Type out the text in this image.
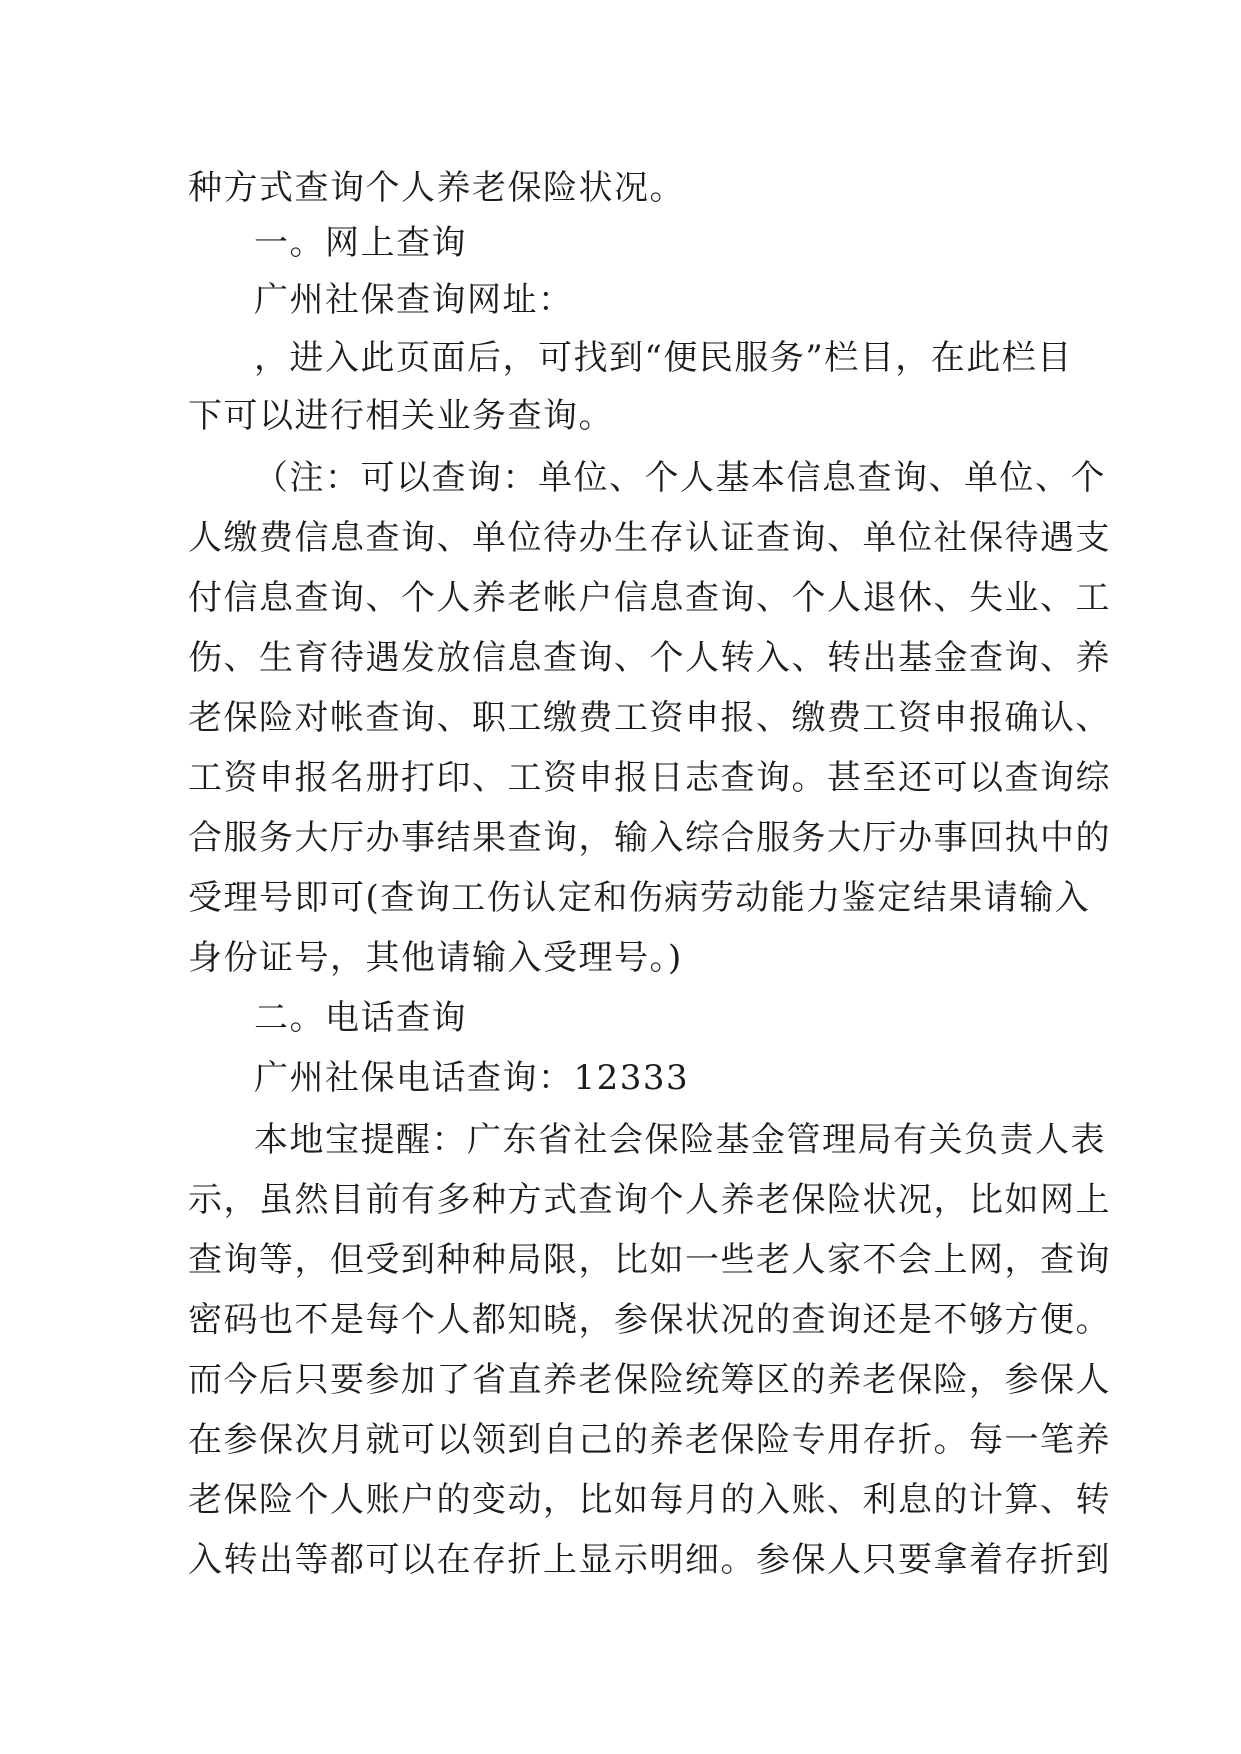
种方式查询个人养老保险状况。
一。网上查询
广州社保查询网址：
，进入此页面后，可找到“便民服务”栏目，在此栏目
下可以进行相关业务查询。
（注：可以查询：单位、个人基本信息查询、单位、个
人缴费信息查询、单位待办生存认证查询、单位社保待遇支
付信息查询、个人养老帐户信息查询、个人退休、失业、工
伤、生育待遇发放信息查询、个人转入、转出基金查询、养
老保险对帐查询、职工缴费工资申报、缴费工资申报确认、
工资申报名册打印、工资申报日志查询。甚至还可以查询综
合服务大厅办事结果查询，输入综合服务大厅办事回执中的
受理号即可(查询工伤认定和伤病劳动能力鉴定结果请输入
身份证号，其他请输入受理号。)
二。电话查询
广州社保电话查询：12333
本地宝提醒：广东省社会保险基金管理局有关负责人表
示，虽然目前有多种方式查询个人养老保险状况，比如网上
查询等，但受到种种局限，比如一些老人家不会上网，查询
密码也不是每个人都知晓，参保状况的查询还是不够方便。
而今后只要参加了省直养老保险统筹区的养老保险，参保人
在参保次月就可以领到自己的养老保险专用存折。每一笔养
老保险个人账户的变动，比如每月的入账、利息的计算、转
入转出等都可以在存折上显示明细。参保人只要拿着存折到
